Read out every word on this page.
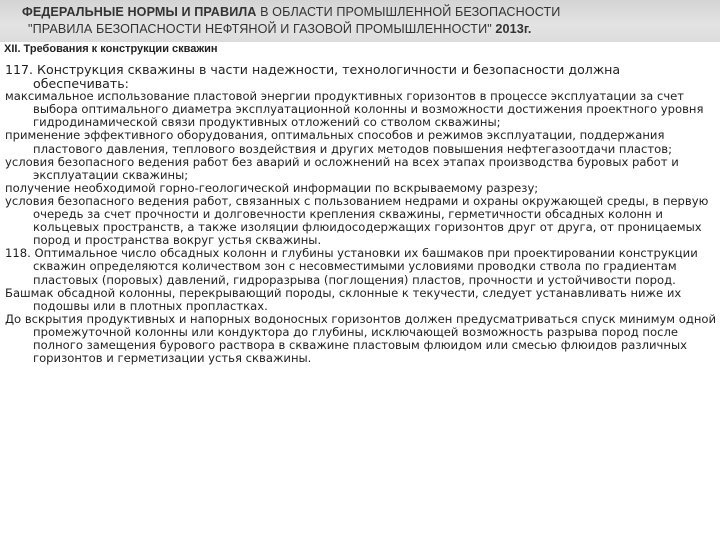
ФЕДЕРАЛЬНЫЕ НОРМЫ И ПРАВИЛА В ОБЛАСТИ ПРОМЫШЛЕННОЙ БЕЗОПАСНОСТИ
"ПРАВИЛА БЕЗОПАСНОСТИ НЕФТЯНОЙ И ГАЗОВОЙ ПРОМЫШЛЕННОСТИ" 2013г.
XII. Требования к конструкции скважин

117. Конструкция скважины в части надежности, технологичности и безопасности должна обеспечивать:

максимальное использование пластовой энергии продуктивных горизонтов в процессе эксплуатации за счет выбора оптимального диаметра эксплуатационной колонны и возможности достижения проектного уровня гидродинамической связи продуктивных отложений со стволом скважины;

применение эффективного оборудования, оптимальных способов и режимов эксплуатации, поддержания пластового давления, теплового воздействия и других методов повышения нефтегазоотдачи пластов;

условия безопасного ведения работ без аварий и осложнений на всех этапах производства буровых работ и эксплуатации скважины;

получение необходимой горно-геологической информации по вскрываемому разрезу;

условия безопасного ведения работ, связанных с пользованием недрами и охраны окружающей среды, в первую очередь за счет прочности и долговечности крепления скважины, герметичности обсадных колонн и кольцевых пространств, а также изоляции флюидосодержащих горизонтов друг от друга, от проницаемых пород и пространства вокруг устья скважины.

118. Оптимальное число обсадных колонн и глубины установки их башмаков при проектировании конструкции скважин определяются количеством зон с несовместимыми условиями проводки ствола по градиентам пластовых (поровых) давлений, гидроразрыва (поглощения) пластов, прочности и устойчивости пород.

Башмак обсадной колонны, перекрывающий породы, склонные к текучести, следует устанавливать ниже их подошвы или в плотных пропластках.

До вскрытия продуктивных и напорных водоносных горизонтов должен предусматриваться спуск минимум одной промежуточной колонны или кондуктора до глубины, исключающей возможность разрыва пород после полного замещения бурового раствора в скважине пластовым флюидом или смесью флюидов различных горизонтов и герметизации устья скважины.
